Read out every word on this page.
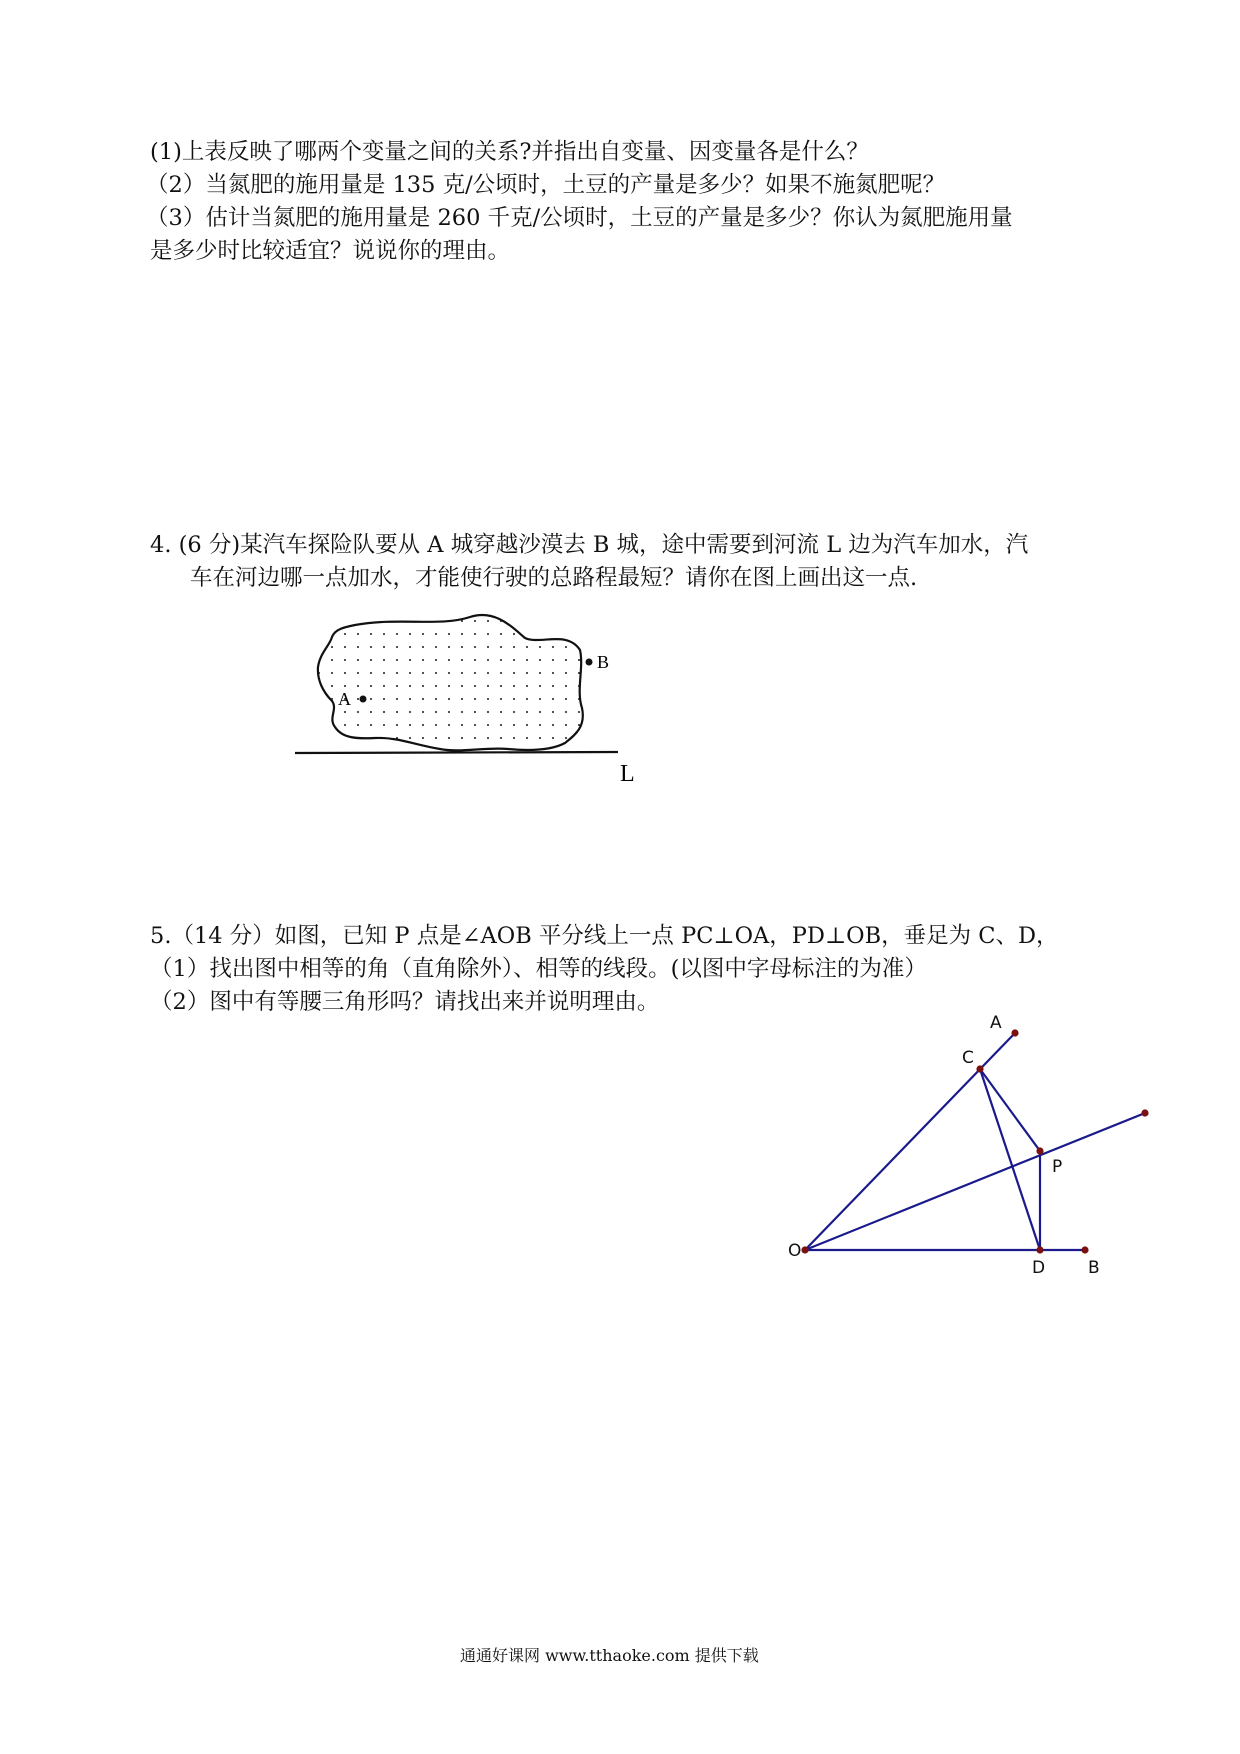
(1)上表反映了哪两个变量之间的关系?并指出自变量、因变量各是什么？
（2）当氮肥的施用量是 135 克/公顷时，土豆的产量是多少？如果不施氮肥呢？
（3）估计当氮肥的施用量是 260 千克/公顷时，土豆的产量是多少？你认为氮肥施用量
是多少时比较适宜？说说你的理由。
4. (6 分)某汽车探险队要从 A 城穿越沙漠去 B 城，途中需要到河流 L 边为汽车加水，汽
车在河边哪一点加水，才能使行驶的总路程最短？请你在图上画出这一点.
A
B
L
5.（14 分）如图，已知 P 点是∠AOB 平分线上一点 PC⊥OA，PD⊥OB，垂足为 C、D，
（1）找出图中相等的角（直角除外）、相等的线段。(以图中字母标注的为准）
（2）图中有等腰三角形吗？请找出来并说明理由。
A
C
P
O
D	B
通通好课网 www.tthaoke.com 提供下载
